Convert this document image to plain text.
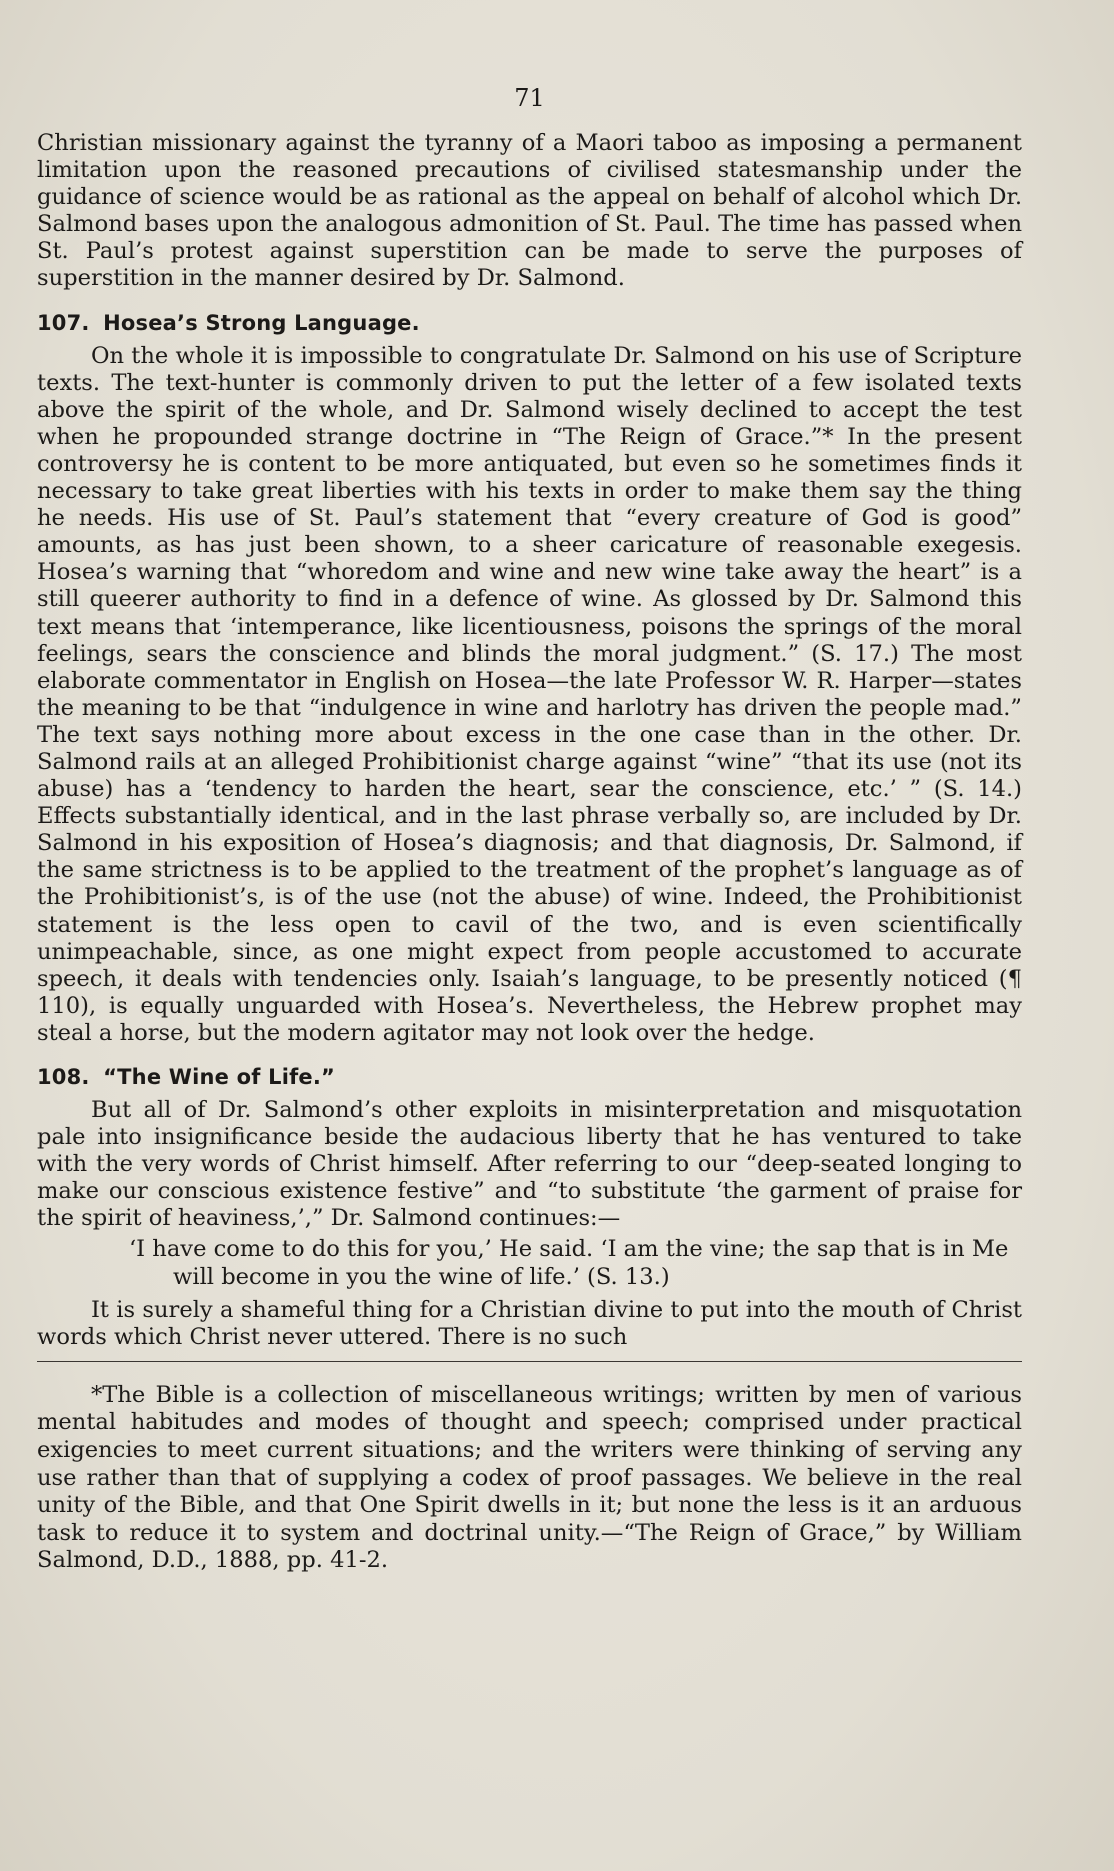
71

Christian missionary against the tyranny of a Maori taboo as imposing a permanent limitation upon the reasoned precautions of civilised statesmanship under the guidance of science would be as rational as the appeal on behalf of alcohol which Dr. Salmond bases upon the analogous admonition of St. Paul. The time has passed when St. Paul’s protest against superstition can be made to serve the purposes of superstition in the manner desired by Dr. Salmond.

107. Hosea’s Strong Language.

On the whole it is impossible to congratulate Dr. Salmond on his use of Scripture texts. The text-hunter is commonly driven to put the letter of a few isolated texts above the spirit of the whole, and Dr. Salmond wisely declined to accept the test when he propounded strange doctrine in “The Reign of Grace.”* In the present controversy he is content to be more antiquated, but even so he sometimes finds it necessary to take great liberties with his texts in order to make them say the thing he needs. His use of St. Paul’s statement that “every creature of God is good” amounts, as has just been shown, to a sheer caricature of reasonable exegesis. Hosea’s warning that “whoredom and wine and new wine take away the heart” is a still queerer authority to find in a defence of wine. As glossed by Dr. Salmond this text means that ‘intemperance, like licentiousness, poisons the springs of the moral feelings, sears the conscience and blinds the moral judgment.” (S. 17.) The most elaborate commentator in English on Hosea—the late Professor W. R. Harper—states the meaning to be that “indulgence in wine and harlotry has driven the people mad.” The text says nothing more about excess in the one case than in the other. Dr. Salmond rails at an alleged Prohibitionist charge against “wine” “that its use (not its abuse) has a ‘tendency to harden the heart, sear the conscience, etc.’ ” (S. 14.) Effects substantially identical, and in the last phrase verbally so, are included by Dr. Salmond in his exposition of Hosea’s diagnosis; and that diagnosis, Dr. Salmond, if the same strictness is to be applied to the treatment of the prophet’s language as of the Prohibitionist’s, is of the use (not the abuse) of wine. Indeed, the Prohibitionist statement is the less open to cavil of the two, and is even scientifically unimpeachable, since, as one might expect from people accustomed to accurate speech, it deals with tendencies only. Isaiah’s language, to be presently noticed (¶ 110), is equally unguarded with Hosea’s. Nevertheless, the Hebrew prophet may steal a horse, but the modern agitator may not look over the hedge.

108. “The Wine of Life.”

But all of Dr. Salmond’s other exploits in misinterpretation and misquotation pale into insignificance beside the audacious liberty that he has ventured to take with the very words of Christ himself. After referring to our “deep-seated longing to make our conscious existence festive” and “to substitute ‘the garment of praise for the spirit of heaviness,’,” Dr. Salmond continues:—

‘I have come to do this for you,’ He said. ‘I am the vine; the sap that is in Me will become in you the wine of life.’ (S. 13.)

It is surely a shameful thing for a Christian divine to put into the mouth of Christ words which Christ never uttered. There is no such

*The Bible is a collection of miscellaneous writings; written by men of various mental habitudes and modes of thought and speech; comprised under practical exigencies to meet current situations; and the writers were thinking of serving any use rather than that of supplying a codex of proof passages. We believe in the real unity of the Bible, and that One Spirit dwells in it; but none the less is it an arduous task to reduce it to system and doctrinal unity.—“The Reign of Grace,” by William Salmond, D.D., 1888, pp. 41-2.
